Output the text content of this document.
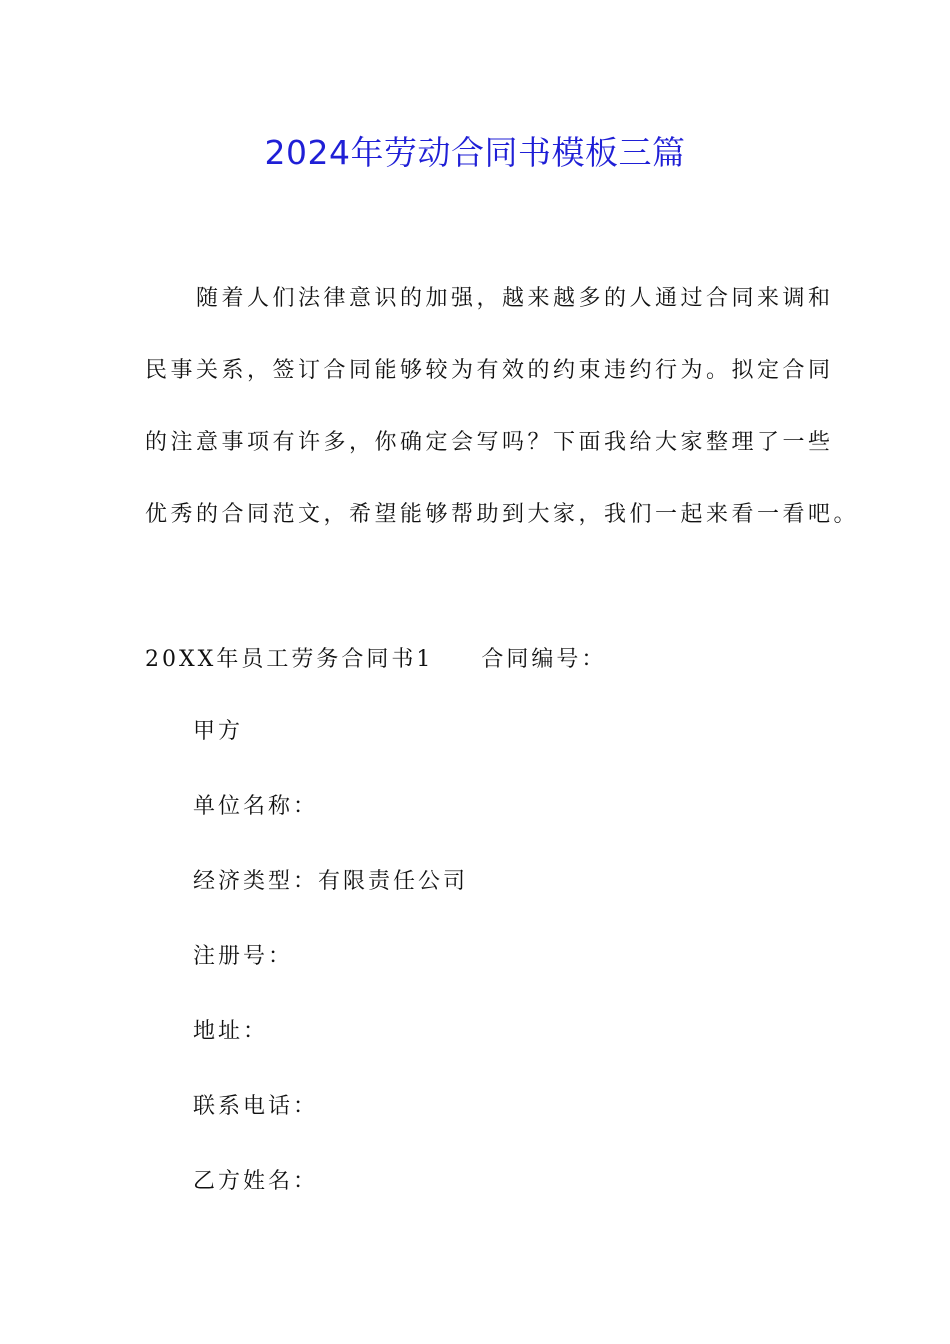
2024年劳动合同书模板三篇
　　随着人们法律意识的加强，越来越多的人通过合同来调和
民事关系，签订合同能够较为有效的约束违约行为。拟定合同
的注意事项有许多，你确定会写吗？下面我给大家整理了一些
优秀的合同范文，希望能够帮助到大家，我们一起来看一看吧。
20XX年员工劳务合同书1 合同编号：
甲方
单位名称：
经济类型：有限责任公司
注册号：
地址：
联系电话：
乙方姓名：
